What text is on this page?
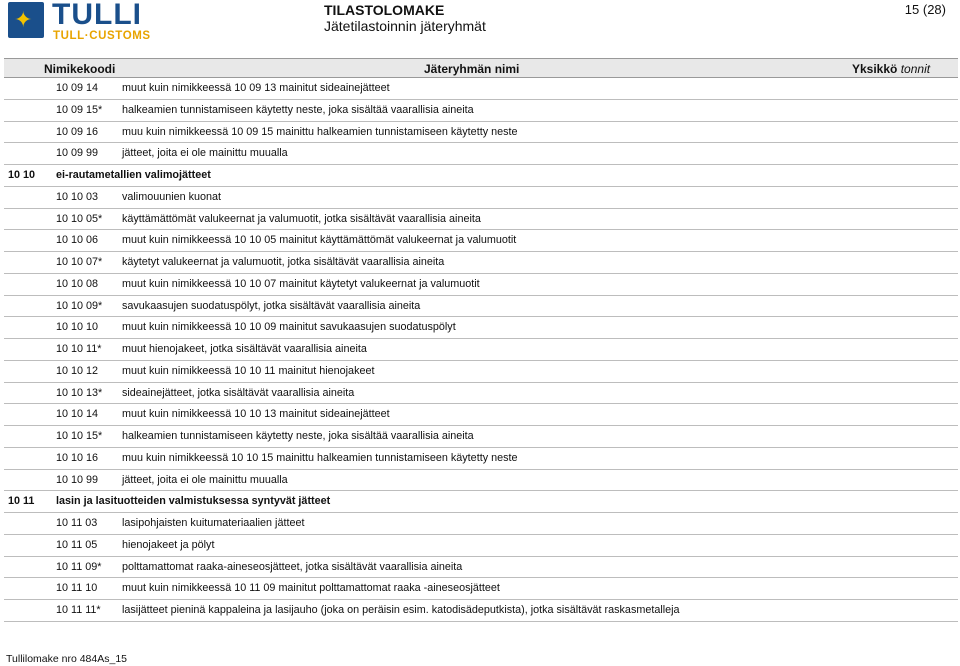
✦ TULLI
TULL·CUSTOMS
TILASTOLOMAKE
Jätetilastoinnin jäteryhmät
15 (28)
Nimikekoodi	Jäteryhmän nimi	Yksikkö tonnit
10 09 14 muut kuin nimikkeessä 10 09 13 mainitut sideainejätteet
10 09 15* halkeamien tunnistamiseen käytetty neste, joka sisältää vaarallisia aineita
10 09 16 muu kuin nimikkeessä 10 09 15 mainittu halkeamien tunnistamiseen käytetty neste
10 09 99 jätteet, joita ei ole mainittu muualla
10 10 ei-rautametallien valimojätteet
10 10 03 valimouunien kuonat
10 10 05* käyttämättömät valukeernat ja valumuotit, jotka sisältävät vaarallisia aineita
10 10 06 muut kuin nimikkeessä 10 10 05 mainitut käyttämättömät valukeernat ja valumuotit
10 10 07* käytetyt valukeernat ja valumuotit, jotka sisältävät vaarallisia aineita
10 10 08 muut kuin nimikkeessä 10 10 07 mainitut käytetyt valukeernat ja valumuotit
10 10 09* savukaasujen suodatuspölyt, jotka sisältävät vaarallisia aineita
10 10 10 muut kuin nimikkeessä 10 10 09 mainitut savukaasujen suodatuspölyt
10 10 11* muut hienojakeet, jotka sisältävät vaarallisia aineita
10 10 12 muut kuin nimikkeessä 10 10 11 mainitut hienojakeet
10 10 13* sideainejätteet, jotka sisältävät vaarallisia aineita
10 10 14 muut kuin nimikkeessä 10 10 13 mainitut sideainejätteet
10 10 15* halkeamien tunnistamiseen käytetty neste, joka sisältää vaarallisia aineita
10 10 16 muu kuin nimikkeessä 10 10 15 mainittu halkeamien tunnistamiseen käytetty neste
10 10 99 jätteet, joita ei ole mainittu muualla
10 11 lasin ja lasituotteiden valmistuksessa syntyvät jätteet
10 11 03 lasipohjaisten kuitumateriaalien jätteet
10 11 05 hienojakeet ja pölyt
10 11 09* polttamattomat raaka-aineseosjätteet, jotka sisältävät vaarallisia aineita
10 11 10 muut kuin nimikkeessä 10 11 09 mainitut polttamattomat raaka -aineseosjätteet
10 11 11* lasijätteet pieninä kappaleina ja lasijauho (joka on peräisin esim. katodisädeputkista), jotka sisältävät raskasmetalleja
Tullilomake nro 484As_15
